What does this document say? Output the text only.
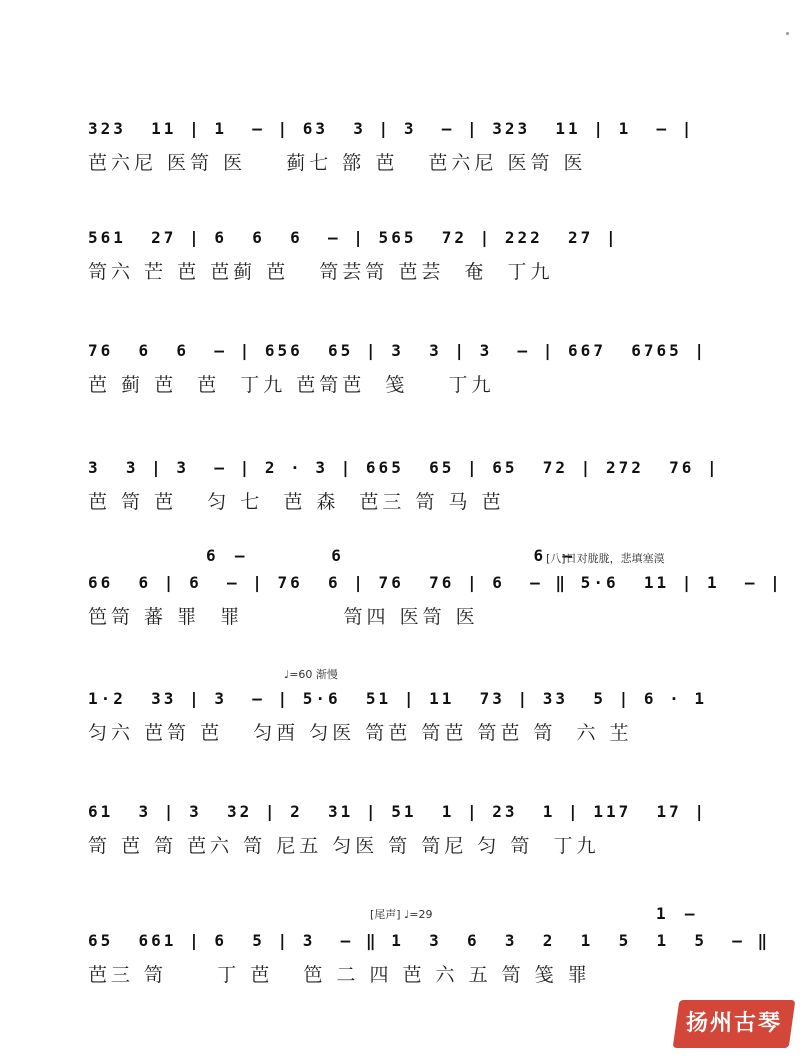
323  11 | 1  — | 63  3 | 3  — | 323  11 | 1  — |
芭六尼 医笥 医    蓟七 篰 芭   芭六尼 医笥 医
561  27 | 6  6  6  — | 565  72 | 222  27 |
笥六 芒 芭 芭蓟 芭   笥芸笥 芭芸  奄  丁九
76  6  6  — | 656  65 | 3  3 | 3  — | 667  6765 |
芭 蓟 芭  芭  丁九 芭笥芭  笺    丁九
3  3 | 3  — | 2 · 3 | 665  65 | 65  72 | 272  76 |
芭 笥 芭   匀 七  芭 森  芭三 笥 马 芭
6  —         6                    6  —
[八]日对胧胧，悲填塞漠
66  6 | 6  — | 76  6 | 76  76 | 6  — ‖ 5·6  11 | 1  — |
笆笥 蕃 罪  罪          笥四 医笥 医
♩=60 渐慢
1·2  33 | 3  — | 5·6  51 | 11  73 | 33  5 | 6 · 1
匀六 芭笥 芭   匀酉 匀医 笥芭 笥芭 笥芭 笥  六 芏
61  3 | 3  32 | 2  31 | 51  1 | 23  1 | 117  17 |
笥 芭 笥 芭六 笥 尼五 匀医 笥 笥尼 匀 笥  丁九
1  —
[尾声] ♩=29
65  661 | 6  5 | 3  — ‖ 1  3  6  3  2  1  5  1  5  — ‖
芭三 笥     丁 芭   笆 二 四 芭 六 五 笥 笺 罪
扬州古琴
